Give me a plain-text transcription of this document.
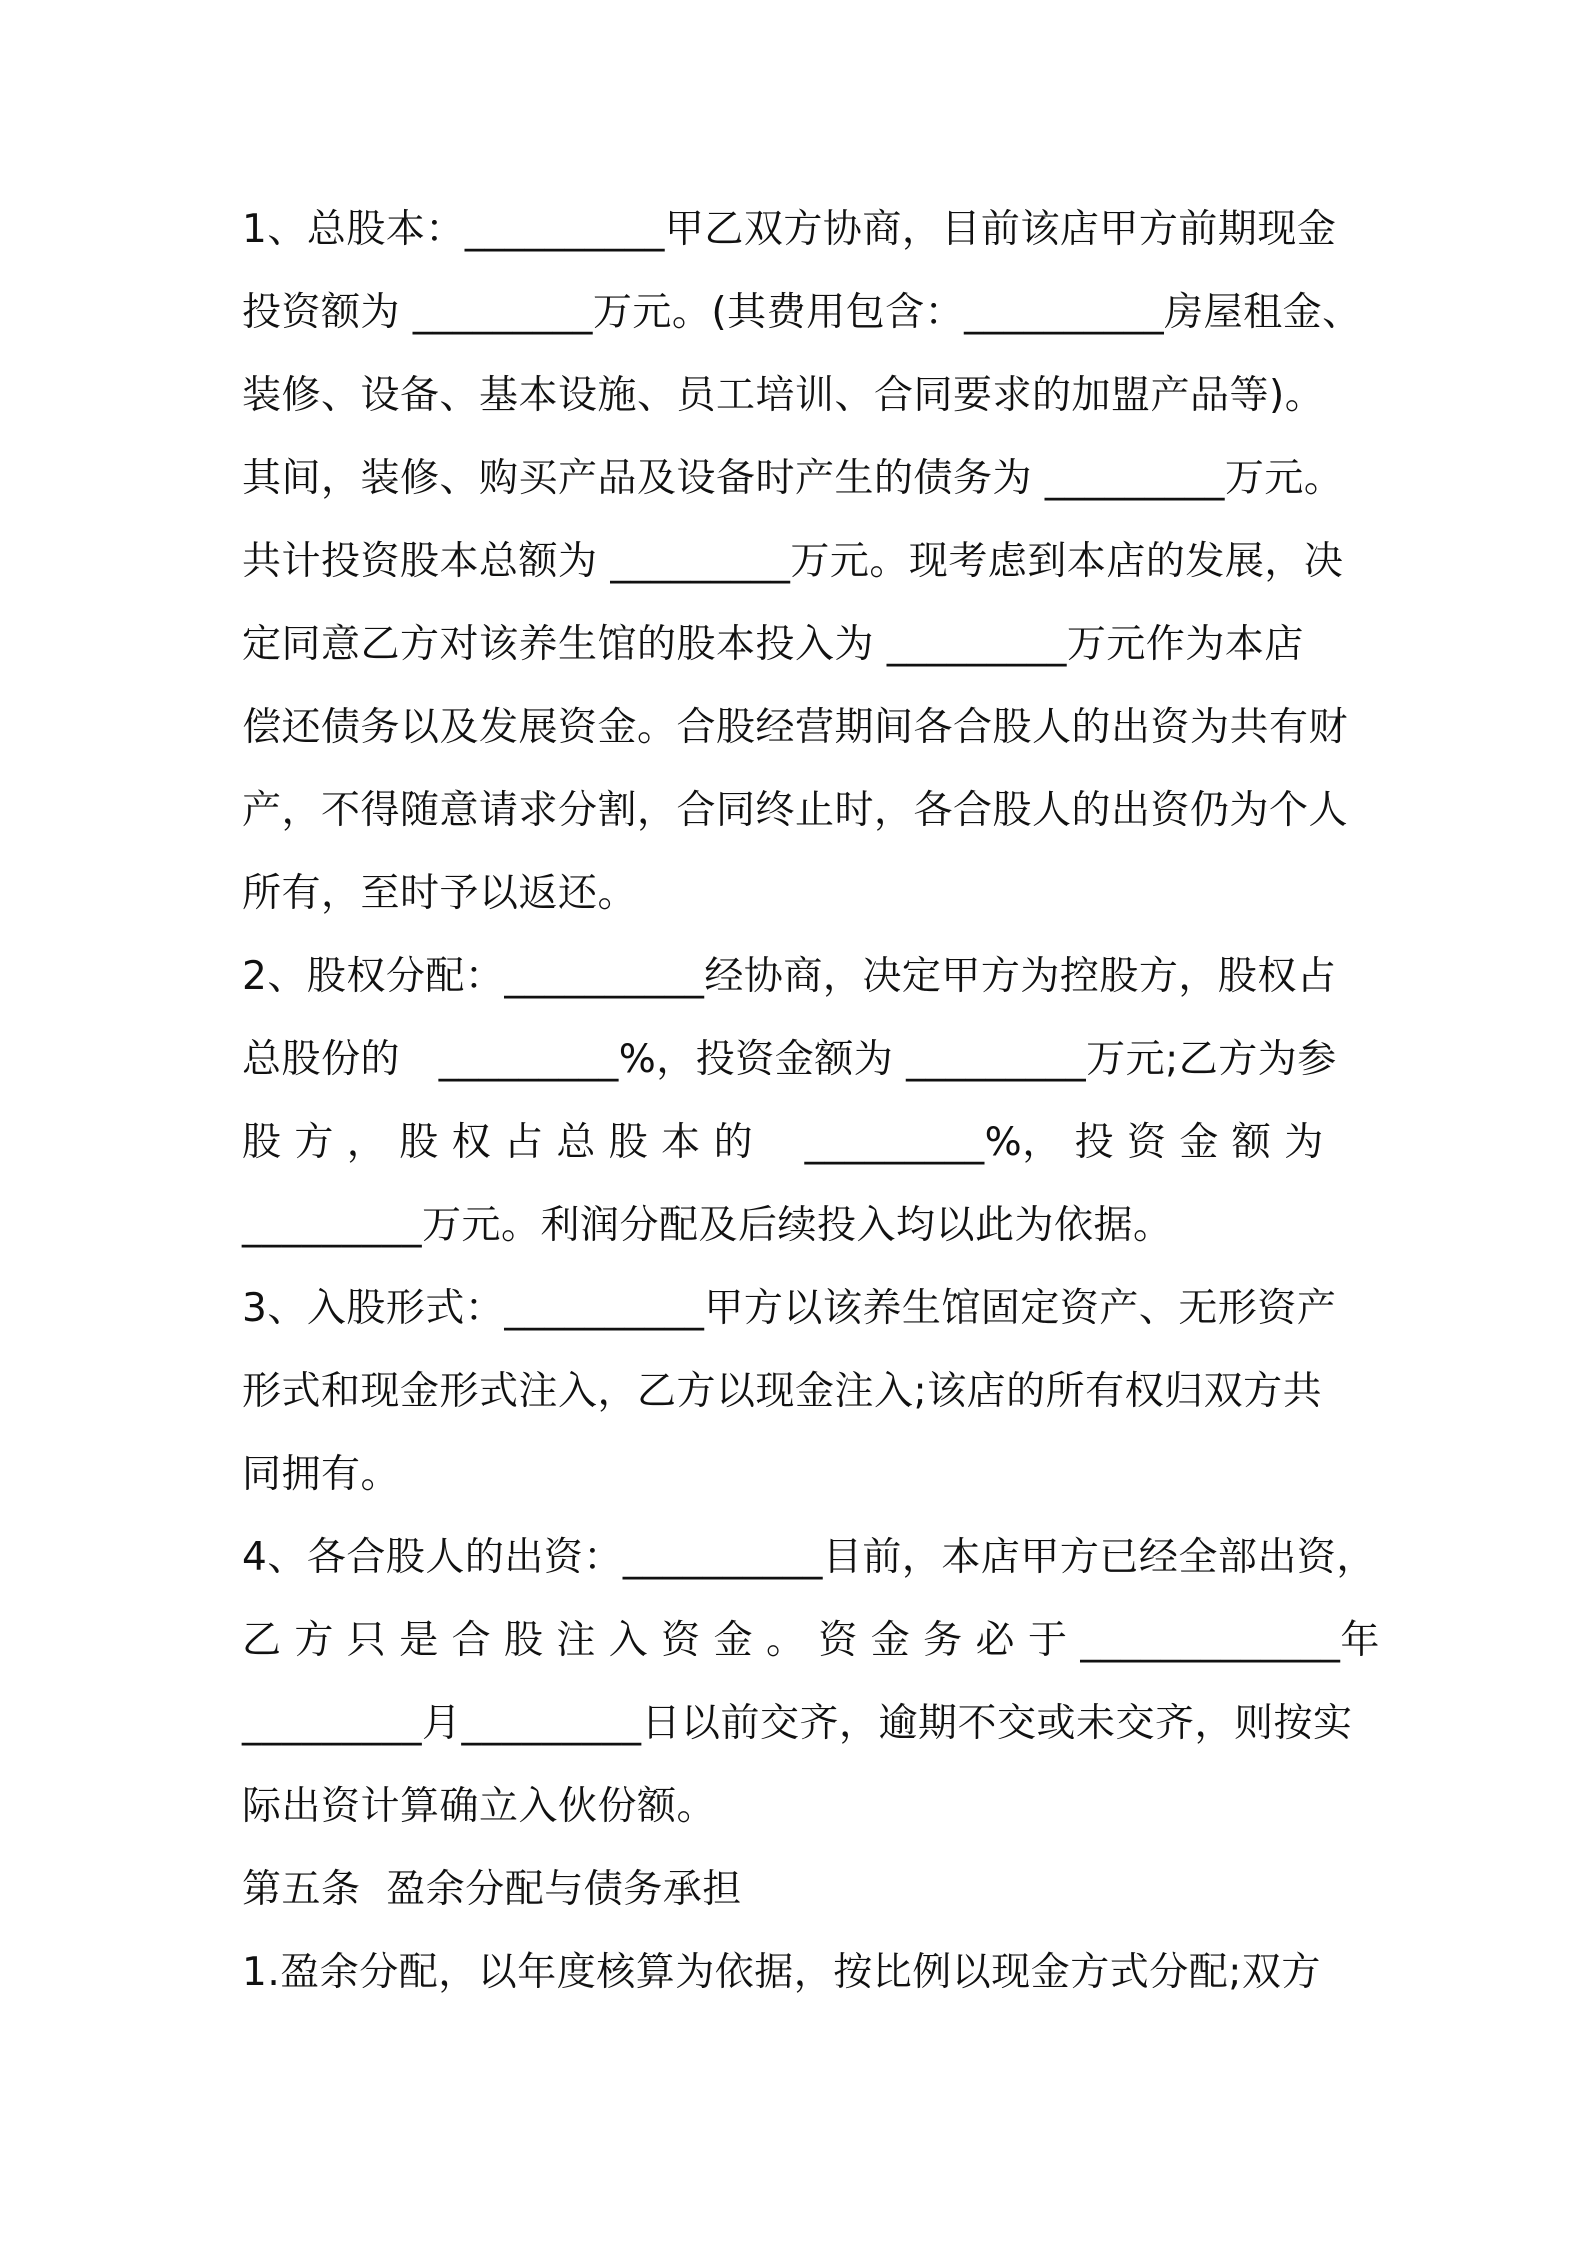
1、总股本：__________甲乙双方协商，目前该店甲方前期现金
投资额为 _________万元。(其费用包含：__________房屋租金、
装修、设备、基本设施、员工培训、合同要求的加盟产品等)。
其间，装修、购买产品及设备时产生的债务为 _________万元。
共计投资股本总额为 _________万元。现考虑到本店的发展，决
定同意乙方对该养生馆的股本投入为 _________万元作为本店
偿还债务以及发展资金。合股经营期间各合股人的出资为共有财
产，不得随意请求分割，合同终止时，各合股人的出资仍为个人
所有，至时予以返还。
2、股权分配：__________经协商，决定甲方为控股方，股权占
总股份的   _________%，投资金额为 _________万元;乙方为参
股 方 ， 股 权 占 总 股 本 的    _________%， 投 资 金 额 为
_________万元。利润分配及后续投入均以此为依据。
3、入股形式：__________甲方以该养生馆固定资产、无形资产
形式和现金形式注入，乙方以现金注入;该店的所有权归双方共
同拥有。
4、各合股人的出资：__________目前，本店甲方已经全部出资，
乙 方 只 是 合 股 注 入 资 金 。 资 金 务 必 于 _____________年
_________月_________日以前交齐，逾期不交或未交齐，则按实
际出资计算确立入伙份额。
第五条  盈余分配与债务承担
1.盈余分配，以年度核算为依据，按比例以现金方式分配;双方
